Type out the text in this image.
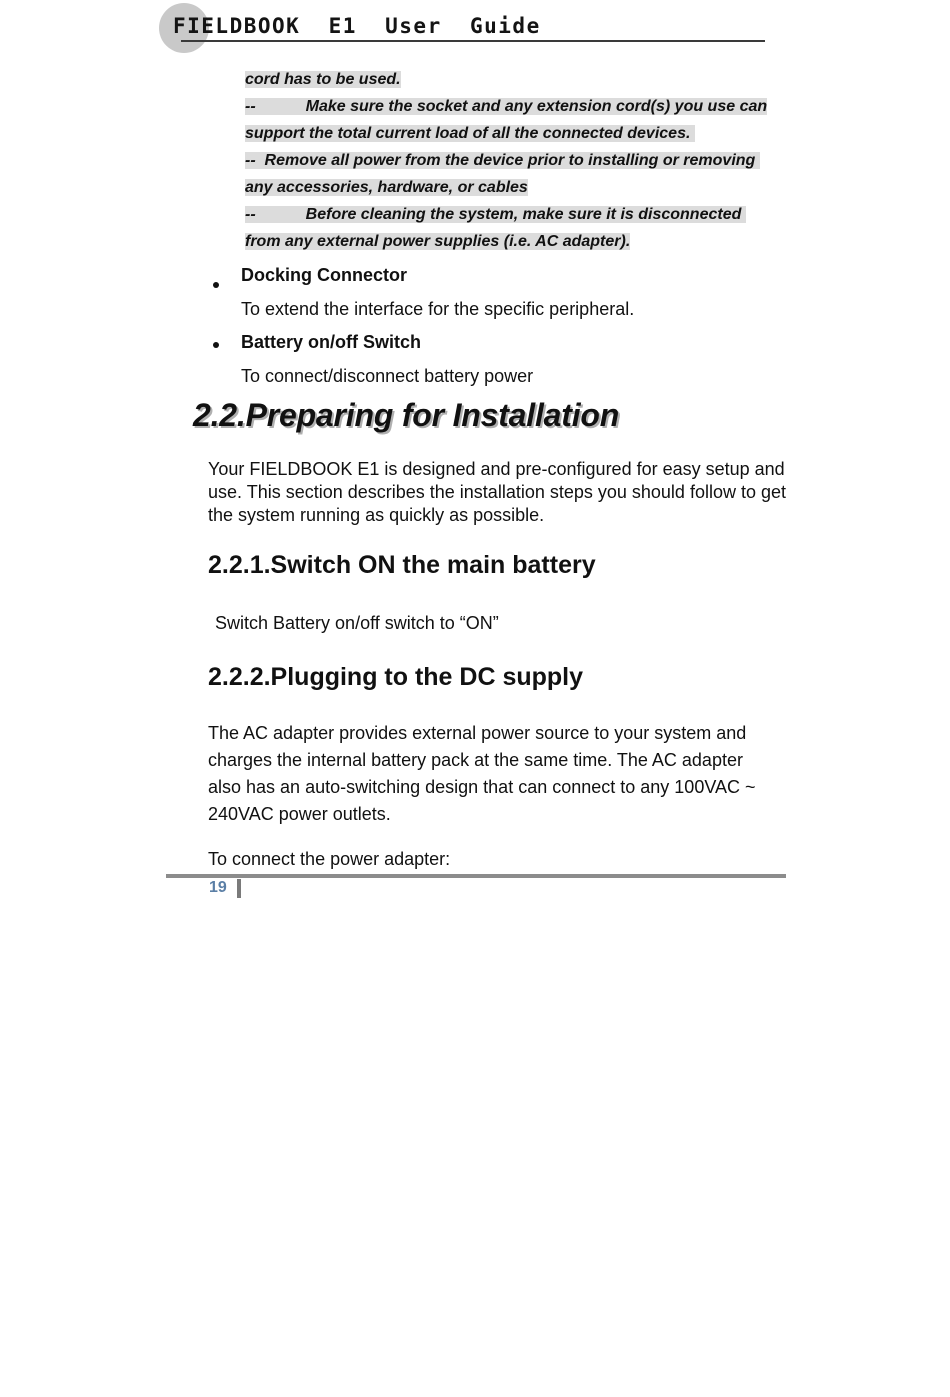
FIELDBOOK  E1  User  Guide
cord has to be used.
--	Make sure the socket and any extension cord(s) you use can
support the total current load of all the connected devices.
--  Remove all power from the device prior to installing or removing
any accessories, hardware, or cables
--	Before cleaning the system, make sure it is disconnected
from any external power supplies (i.e. AC adapter).
Docking Connector
To extend the interface for the specific peripheral.
Battery on/off Switch
To connect/disconnect battery power
2.2.Preparing for Installation
Your FIELDBOOK E1 is designed and pre-configured for easy setup and use. This section describes the installation steps you should follow to get the system running as quickly as possible.
2.2.1.Switch ON the main battery
Switch Battery on/off switch to “ON”
2.2.2.Plugging to the DC supply
The AC adapter provides external power source to your system and charges the internal battery pack at the same time. The AC adapter also has an auto-switching design that can connect to any 100VAC ~ 240VAC power outlets.
To connect the power adapter:
19
